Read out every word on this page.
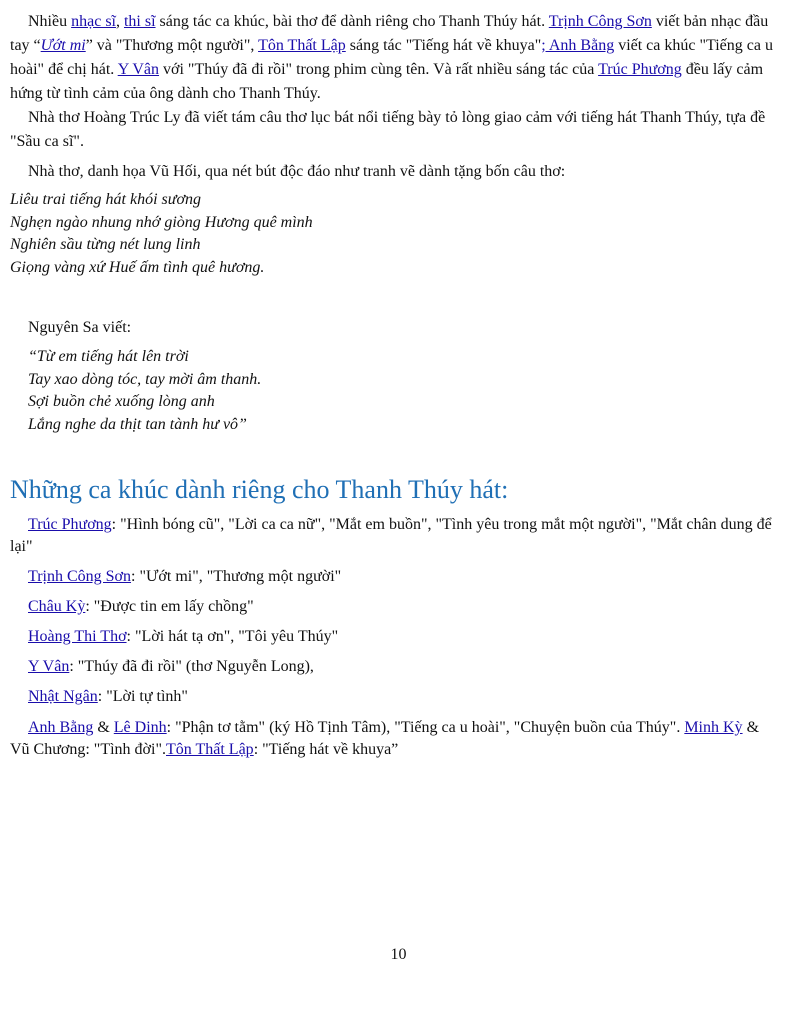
Nhiều nhạc sĩ, thi sĩ sáng tác ca khúc, bài thơ để dành riêng cho Thanh Thúy hát. Trịnh Công Sơn viết bản nhạc đầu tay “Ướt mi” và "Thương một người", Tôn Thất Lập sáng tác "Tiếng hát về khuya"; Anh Bằng viết ca khúc "Tiếng ca u hoài" để chị hát. Y Vân với "Thúy đã đi rồi" trong phim cùng tên. Và rất nhiều sáng tác của Trúc Phương đều lấy cảm hứng từ tình cảm của ông dành cho Thanh Thúy.

Nhà thơ Hoàng Trúc Ly đã viết tám câu thơ lục bát nổi tiếng bày tỏ lòng giao cảm với tiếng hát Thanh Thúy, tựa đề "Sầu ca sĩ".

Nhà thơ, danh họa Vũ Hối, qua nét bút độc đáo như tranh vẽ dành tặng bốn câu thơ:

Liêu trai tiếng hát khói sương
Nghẹn ngào nhung nhớ giòng Hương quê mình
Nghiên sầu từng nét lung linh
Giọng vàng xứ Huế ấm tình quê hương.

Nguyên Sa viết:

“Từ em tiếng hát lên trời
Tay xao dòng tóc, tay mời âm thanh.
Sợi buồn chẻ xuống lòng anh
Lắng nghe da thịt tan tành hư vô”
Những ca khúc dành riêng cho Thanh Thúy hát:

Trúc Phương: "Hình bóng cũ", "Lời ca ca nữ", "Mắt em buồn", "Tình yêu trong mắt một người", "Mắt chân dung để lại"

Trịnh Công Sơn: "Ướt mi", "Thương một người"

Châu Kỳ: "Được tin em lấy chồng"

Hoàng Thi Thơ: "Lời hát tạ ơn", "Tôi yêu Thúy"

Y Vân: "Thúy đã đi rồi" (thơ Nguyễn Long),

Nhật Ngân: "Lời tự tình"

Anh Bằng & Lê Dinh: "Phận tơ tằm" (ký Hồ Tịnh Tâm), "Tiếng ca u hoài", "Chuyện buồn của Thúy". Minh Kỳ & Vũ Chương: "Tình đời".Tôn Thất Lập: "Tiếng hát về khuya”

10
